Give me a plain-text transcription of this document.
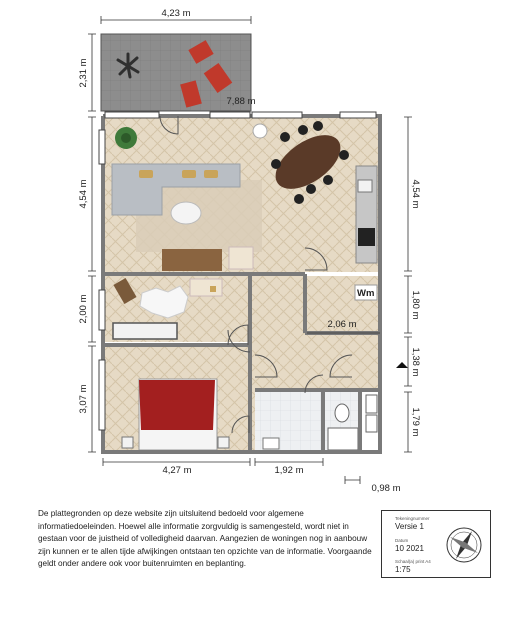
Wm
4,23 m
2,31 m
7,88 m
4,54 m
2,00 m
3,07 m
4,54 m
1,80 m
1,38 m
1,79 m
2,06 m
4,27 m	1,92 m
0,98 m

De plattegronden op deze website zijn uitsluitend bedoeld voor algemene informatiedoeleinden. Hoewel alle informatie zorgvuldig is samengesteld, wordt niet in gestaan voor de juistheid of volledigheid daarvan. Aangezien de woningen nog in aanbouw zijn kunnen er te allen tijde afwijkingen ontstaan ten opzichte van de informatie. Voorgaande geldt onder andere ook voor buitenruimten en beplanting.

Tekeningnummer
Versie 1
Datum
10 2021
Schaal(a) print A4
1:75
